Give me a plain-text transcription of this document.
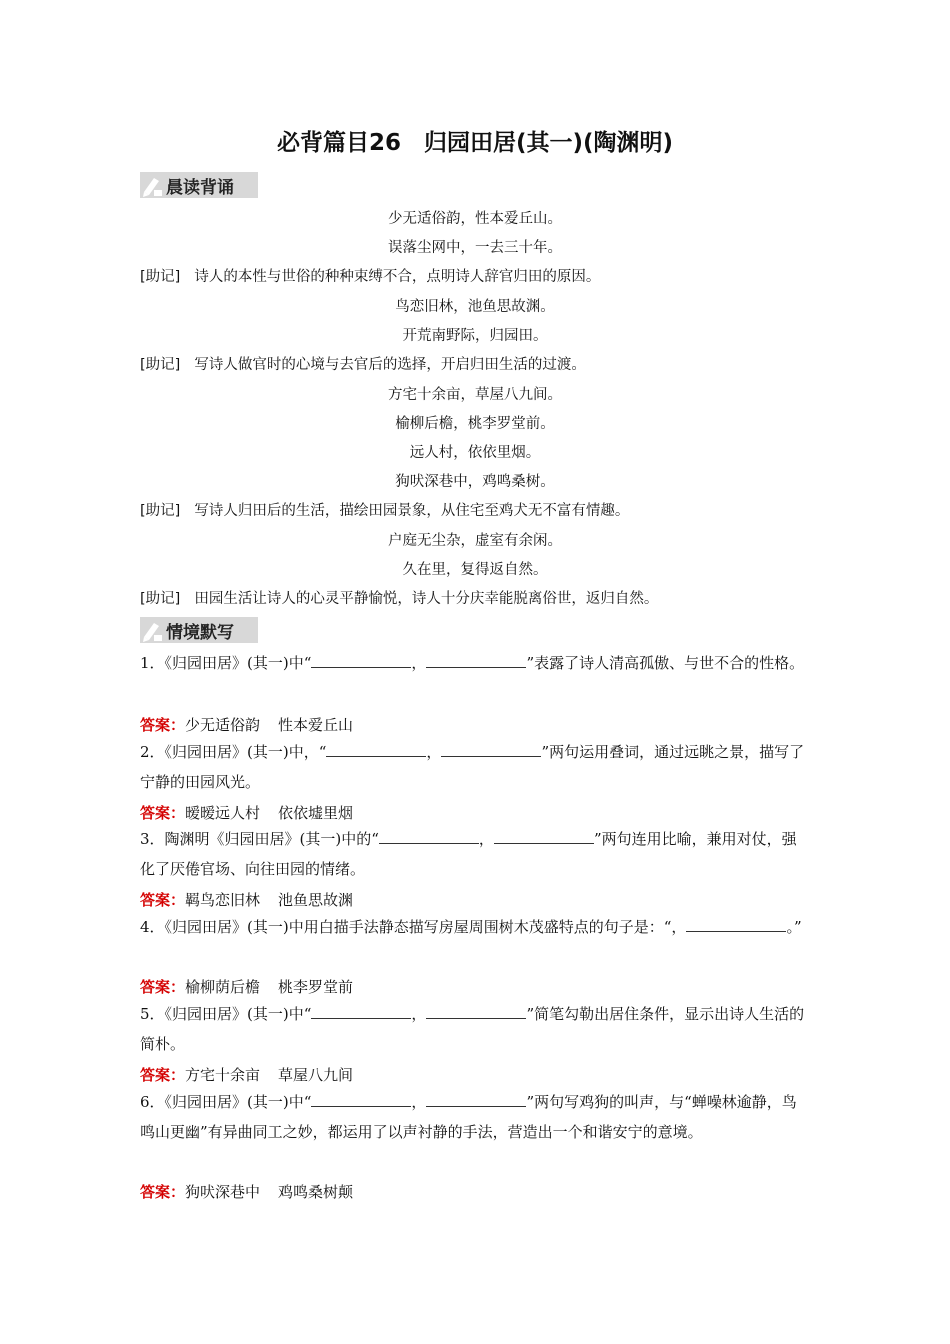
必背篇目26　归园田居(其一)(陶渊明)
晨读背诵
少无适俗韵，性本爱丘山。
误落尘网中，一去三十年。
[助记] 诗人的本性与世俗的种种束缚不合，点明诗人辞官归田的原因。
鸟恋旧林，池鱼思故渊。
开荒南野际，归园田。
[助记] 写诗人做官时的心境与去官后的选择，开启归田生活的过渡。
方宅十余亩，草屋八九间。
榆柳后檐，桃李罗堂前。
远人村，依依里烟。
狗吠深巷中，鸡鸣桑树。
[助记] 写诗人归田后的生活，描绘田园景象，从住宅至鸡犬无不富有情趣。
户庭无尘杂，虚室有余闲。
久在里，复得返自然。
[助记] 田园生活让诗人的心灵平静愉悦，诗人十分庆幸能脱离俗世，返归自然。
情境默写
1．《归园田居》(其一)中“	，	”表露了诗人清高孤傲、与世不合的性格。
答案：少无适俗韵 性本爱丘山
2．《归园田居》(其一)中，“	，	”两句运用叠词，通过远眺之景，描写了宁静的田园风光。
答案：暧暧远人村 依依墟里烟
3．陶渊明《归园田居》(其一)中的“	，	”两句连用比喻，兼用对仗，强化了厌倦官场、向往田园的情绪。
答案：羁鸟恋旧林 池鱼思故渊
4．《归园田居》(其一)中用白描手法静态描写房屋周围树木茂盛特点的句子是：“，	。”
答案：榆柳荫后檐 桃李罗堂前
5．《归园田居》(其一)中“	，	”简笔勾勒出居住条件，显示出诗人生活的简朴。
答案：方宅十余亩 草屋八九间
6．《归园田居》(其一)中“	，	”两句写鸡狗的叫声，与“蝉噪林逾静，鸟鸣山更幽”有异曲同工之妙，都运用了以声衬静的手法，营造出一个和谐安宁的意境。
答案：狗吠深巷中 鸡鸣桑树颠
